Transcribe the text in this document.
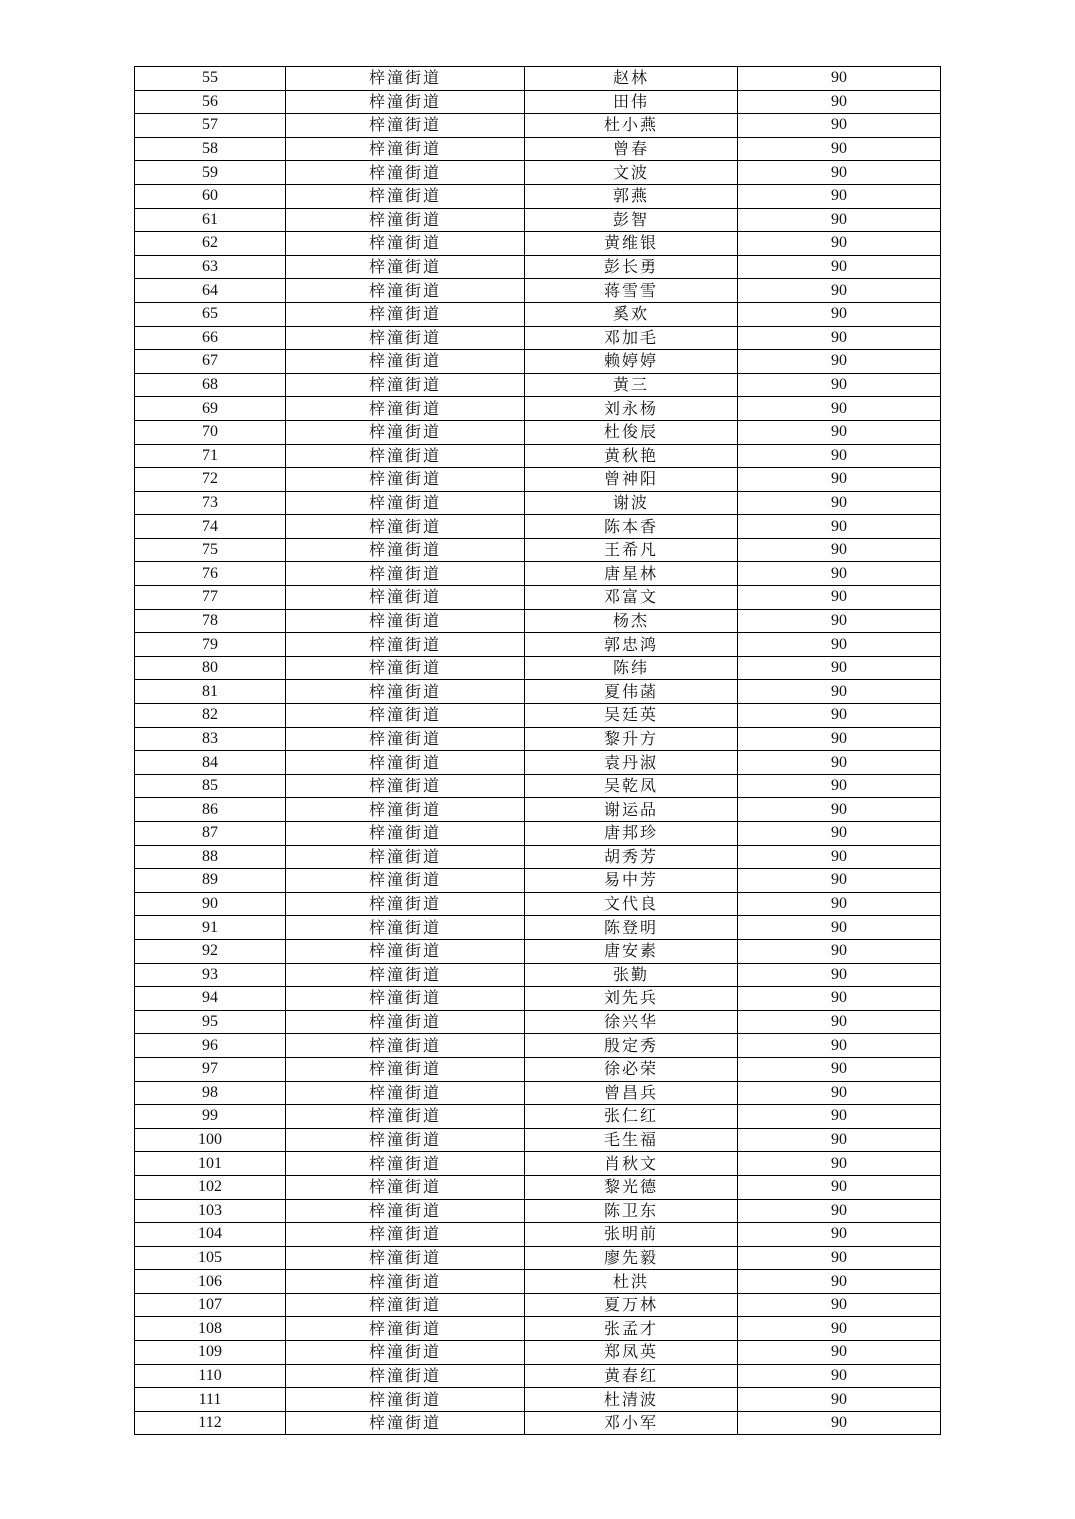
55	梓潼街道	赵林	90
56	梓潼街道	田伟	90
57	梓潼街道	杜小燕	90
58	梓潼街道	曾春	90
59	梓潼街道	文波	90
60	梓潼街道	郭燕	90
61	梓潼街道	彭智	90
62	梓潼街道	黄维银	90
63	梓潼街道	彭长勇	90
64	梓潼街道	蒋雪雪	90
65	梓潼街道	奚欢	90
66	梓潼街道	邓加毛	90
67	梓潼街道	赖婷婷	90
68	梓潼街道	黄三	90
69	梓潼街道	刘永杨	90
70	梓潼街道	杜俊辰	90
71	梓潼街道	黄秋艳	90
72	梓潼街道	曾神阳	90
73	梓潼街道	谢波	90
74	梓潼街道	陈本香	90
75	梓潼街道	王希凡	90
76	梓潼街道	唐星林	90
77	梓潼街道	邓富文	90
78	梓潼街道	杨杰	90
79	梓潼街道	郭忠鸿	90
80	梓潼街道	陈纬	90
81	梓潼街道	夏伟菡	90
82	梓潼街道	吴廷英	90
83	梓潼街道	黎升方	90
84	梓潼街道	袁丹淑	90
85	梓潼街道	吴乾凤	90
86	梓潼街道	谢运品	90
87	梓潼街道	唐邦珍	90
88	梓潼街道	胡秀芳	90
89	梓潼街道	易中芳	90
90	梓潼街道	文代良	90
91	梓潼街道	陈登明	90
92	梓潼街道	唐安素	90
93	梓潼街道	张勤	90
94	梓潼街道	刘先兵	90
95	梓潼街道	徐兴华	90
96	梓潼街道	殷定秀	90
97	梓潼街道	徐必荣	90
98	梓潼街道	曾昌兵	90
99	梓潼街道	张仁红	90
100	梓潼街道	毛生福	90
101	梓潼街道	肖秋文	90
102	梓潼街道	黎光德	90
103	梓潼街道	陈卫东	90
104	梓潼街道	张明前	90
105	梓潼街道	廖先毅	90
106	梓潼街道	杜洪	90
107	梓潼街道	夏万林	90
108	梓潼街道	张孟才	90
109	梓潼街道	郑凤英	90
110	梓潼街道	黄春红	90
111	梓潼街道	杜清波	90
112	梓潼街道	邓小军	90
